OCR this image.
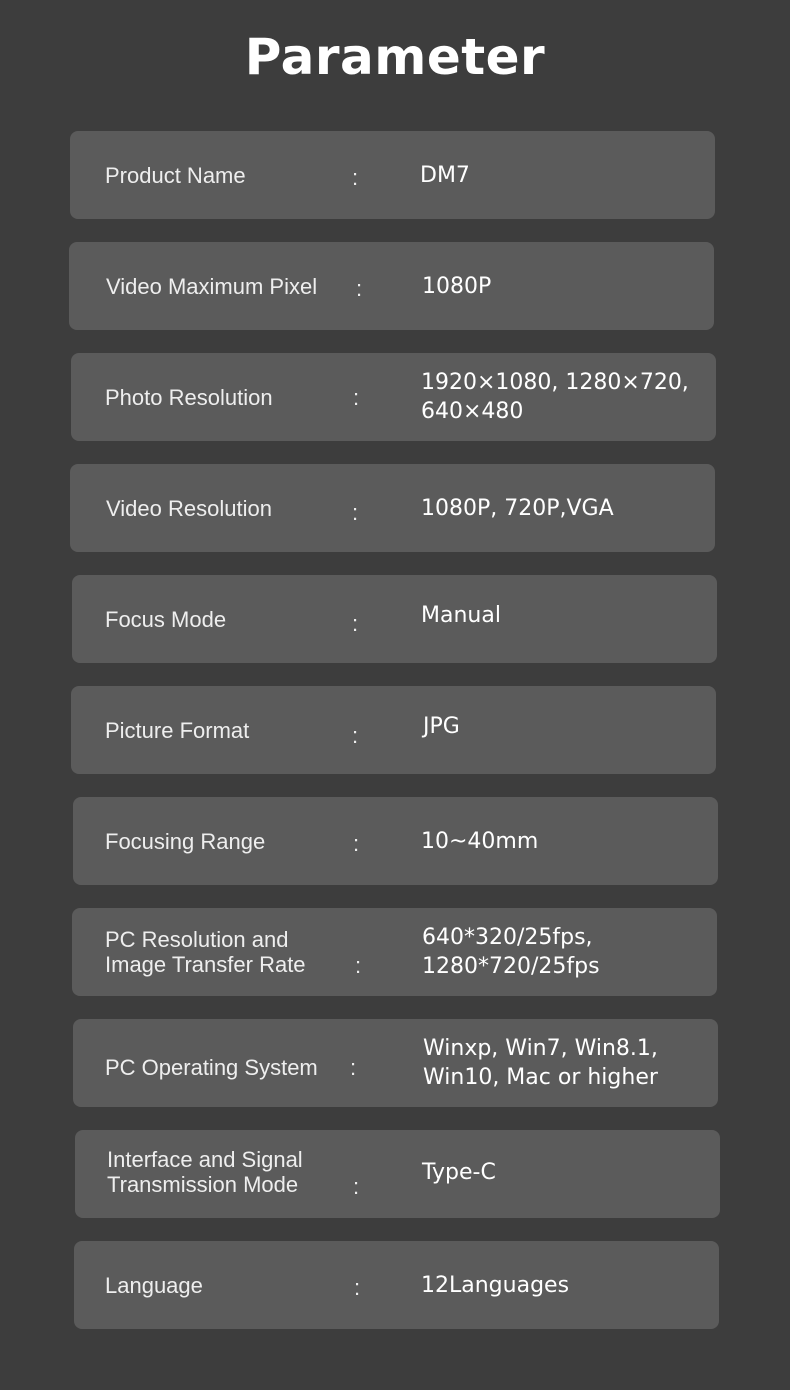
Parameter
Product Name	:	DM7
Video Maximum Pixel	:	1080P
Photo Resolution	:
1920×1080, 1280×720, 640×480
Video Resolution	:	1080P, 720P,VGA
Focus Mode	:	Manual
Picture Format	:	JPG
Focusing Range	:	10~40mm
PC Resolution and Image Transfer Rate	:
640*320/25fps, 1280*720/25fps
PC Operating System	:
Winxp, Win7, Win8.1, Win10, Mac or higher
Interface and Signal Transmission Mode	:
Type-C
Language	:	12Languages
